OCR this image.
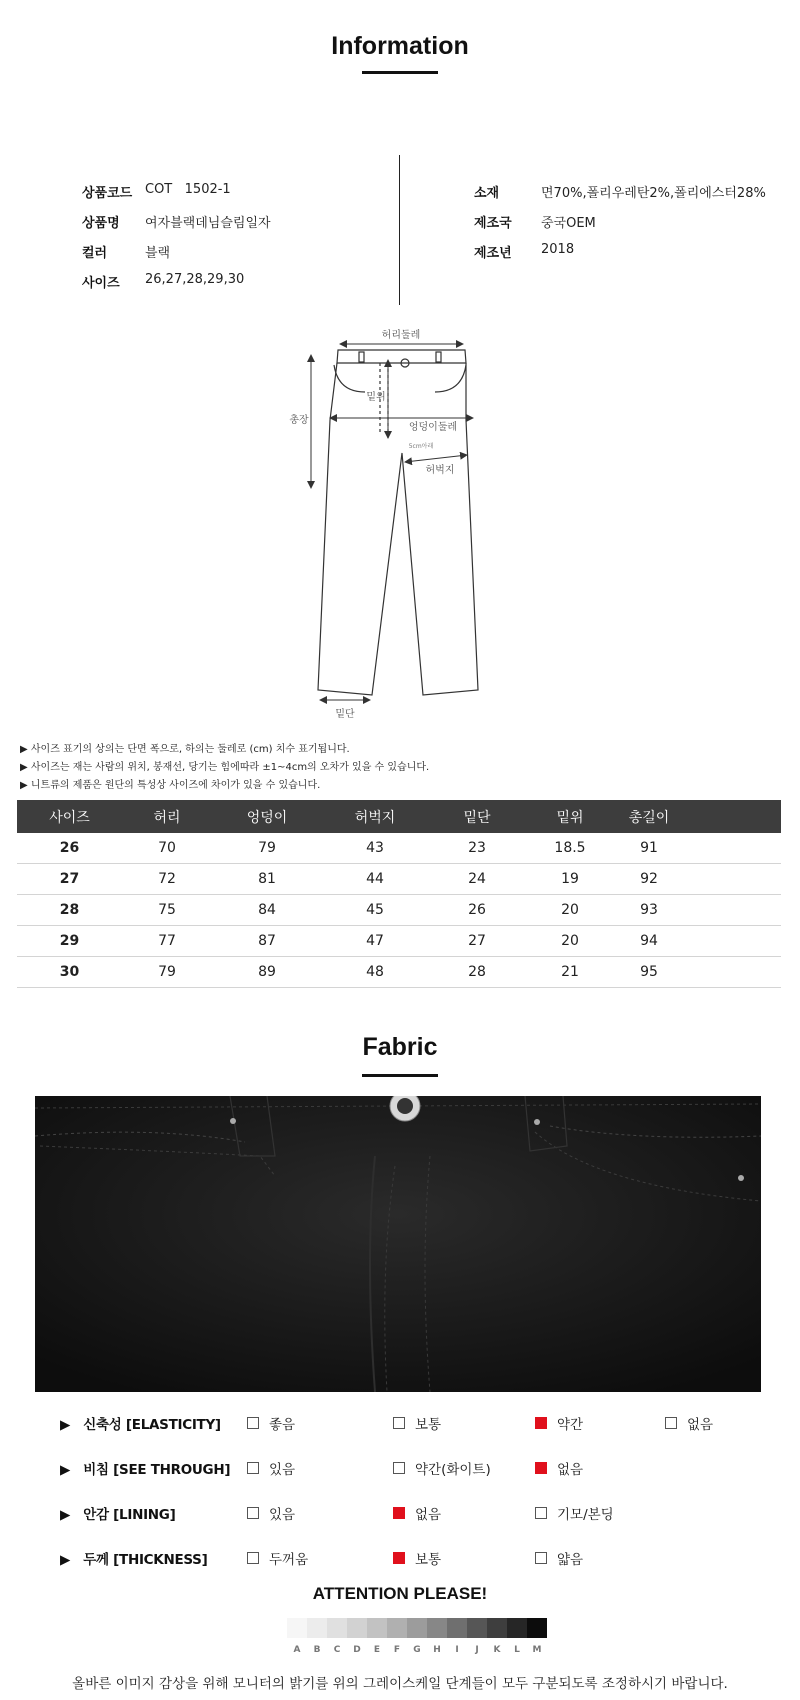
Information
상품코드 COT   1502-1
상품명 여자블랙데님슬림일자
컬러	블랙
사이즈 26,27,28,29,30
소재	면70%,폴리우레탄2%,폴리에스터28%
제조국 중국OEM
제조년 2018
허리둘레
밑위
엉덩이둘레
총장
5cm아래
허벅지
밑단
▶ 사이즈 표기의 상의는 단면 폭으로, 하의는 둘레로 (cm) 치수 표기됩니다.
▶ 사이즈는 재는 사람의 위치, 봉재선, 당기는 힘에따라 ±1~4cm의 오차가 있을 수 있습니다.
▶ 니트류의 제품은 원단의 특성상 사이즈에 차이가 있을 수 있습니다.
사이즈	허리	엉덩이	허벅지	밑단	밑위	총길이	
26	70	79	43	23	18.5	91	
27	72	81	44	24	19	92	
28	75	84	45	26	20	93	
29	77	87	47	27	20	94	
30	79	89	48	28	21	95	
Fabric
▶ 신축성 [ELASTICITY]	좋음	보통	약간	없음
▶ 비침 [SEE THROUGH]	있음	약간(화이트)	없음
▶ 안감 [LINING]	있음	없음	기모/본딩
▶ 두께 [THICKNESS]	두꺼움	보통	얇음
ATTENTION PLEASE!
A	B	C	D	E	F	G	H	I	J	K	L	M
올바른 이미지 감상을 위해 모니터의 밝기를 위의 그레이스케일 단계들이 모두 구분되도록 조정하시기 바랍니다.
